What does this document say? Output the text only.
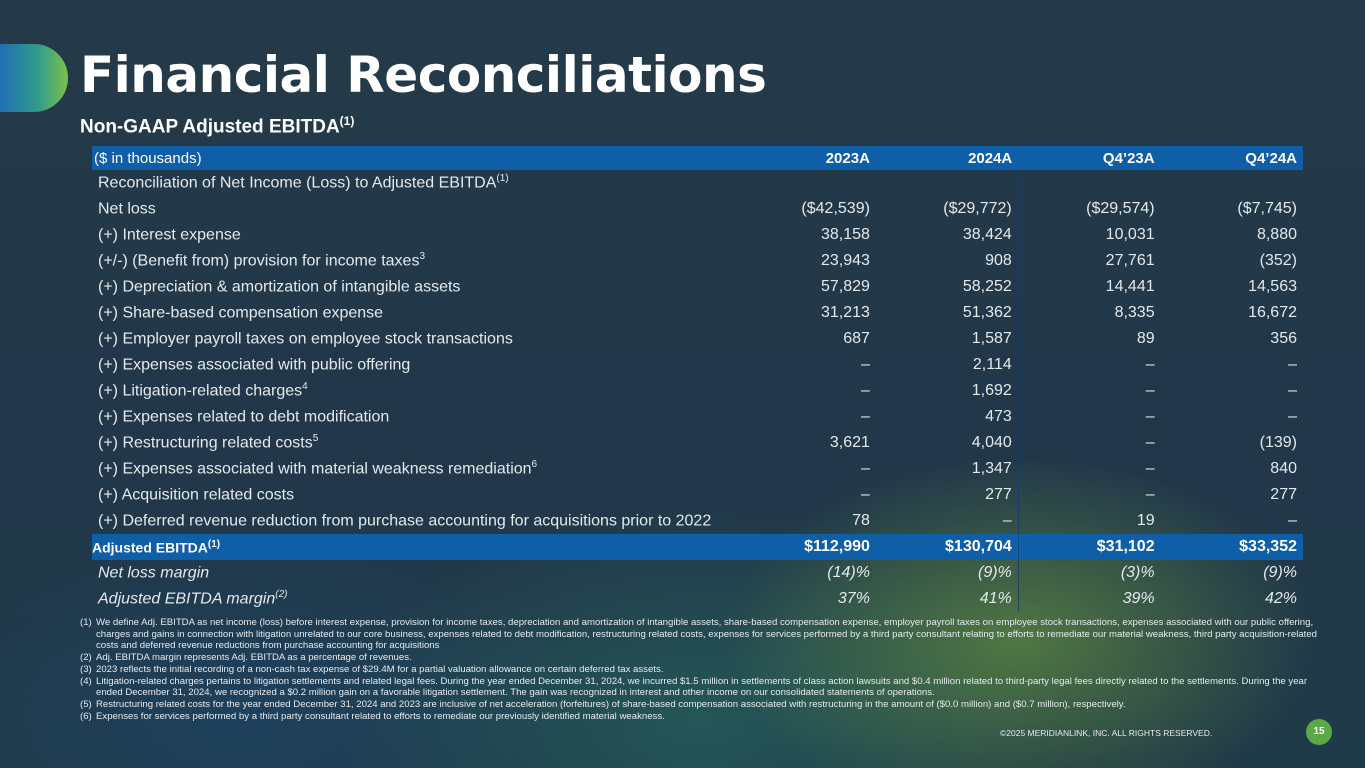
Financial Reconciliations
Non-GAAP Adjusted EBITDA$^{(1)}$
($ in thousands)	2023A	2024A	Q4’23A	Q4’24A
Reconciliation of Net Income (Loss) to Adjusted EBITDA$^{(1)}$				
Net loss	($42,539)	($29,772)	($29,574)	($7,745)
(+) Interest expense	38,158	38,424	10,031	8,880
(+/-) (Benefit from) provision for income taxes$^3$	23,943	908	27,761	(352)
(+) Depreciation & amortization of intangible assets	57,829	58,252	14,441	14,563
(+) Share-based compensation expense	31,213	51,362	8,335	16,672
(+) Employer payroll taxes on employee stock transactions	687	1,587	89	356
(+) Expenses associated with public offering	–	2,114	–	–
(+) Litigation-related charges$^4$	–	1,692	–	–
(+) Expenses related to debt modification	–	473	–	–
(+) Restructuring related costs$^5$	3,621	4,040	–	(139)
(+) Expenses associated with material weakness remediation$^6$	–	1,347	–	840
(+) Acquisition related costs	–	277	–	277
(+) Deferred revenue reduction from purchase accounting for acquisitions prior to 2022	78	–	19	–
Adjusted EBITDA$^{(1)}$	$112,990	$130,704	$31,102	$33,352
Net loss margin	(14)%	(9)%	(3)%	(9)%
Adjusted EBITDA margin$^{(2)}$	37%	41%	39%	42%
(1) We define Adj. EBITDA as net income (loss) before interest expense, provision for income taxes, depreciation and amortization of intangible assets, share-based compensation expense, employer payroll taxes on employee stock transactions, expenses associated with our public offering, charges and gains in connection with litigation unrelated to our core business, expenses related to debt modification, restructuring related costs, expenses for services performed by a third party consultant relating to efforts to remediate our material weakness, third party acquisition-related costs and deferred revenue reductions from purchase accounting for acquisitions
(2) Adj. EBITDA margin represents Adj. EBITDA as a percentage of revenues.
(3) 2023 reflects the initial recording of a non-cash tax expense of $29.4M for a partial valuation allowance on certain deferred tax assets.
(4) Litigation-related charges pertains to litigation settlements and related legal fees. During the year ended December 31, 2024, we incurred $1.5 million in settlements of class action lawsuits and $0.4 million related to third-party legal fees directly related to the settlements. During the year ended December 31, 2024, we recognized a $0.2 million gain on a favorable litigation settlement. The gain was recognized in interest and other income on our consolidated statements of operations.
(5) Restructuring related costs for the year ended December 31, 2024 and 2023 are inclusive of net acceleration (forfeitures) of share-based compensation associated with restructuring in the amount of ($0.0 million) and ($0.7 million), respectively.
(6) Expenses for services performed by a third party consultant related to efforts to remediate our previously identified material weakness.
©2025 MERIDIANLINK, INC. ALL RIGHTS RESERVED.	15
